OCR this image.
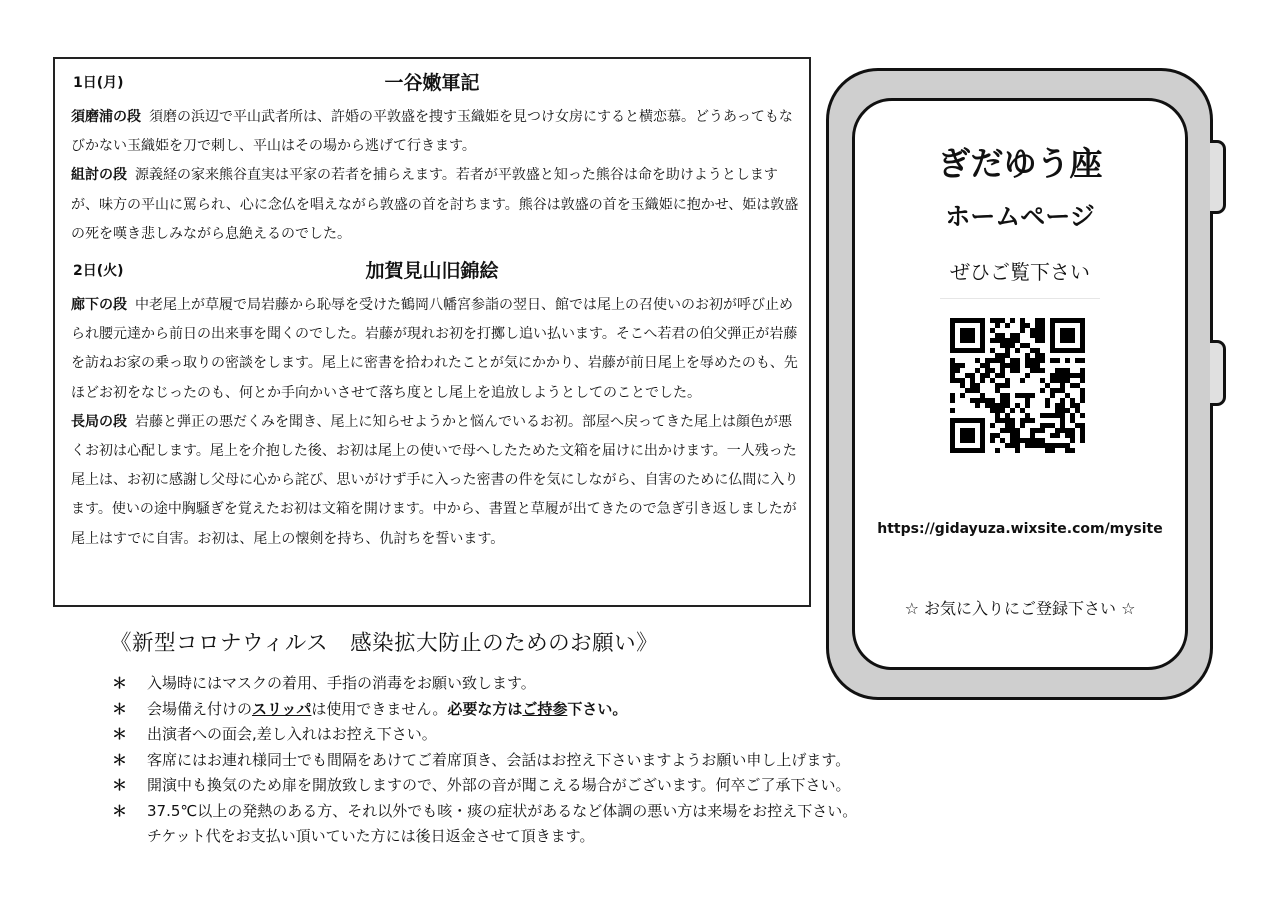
1日(月)	一谷嫩軍記
須磨浦の段 須磨の浜辺で平山武者所は、許婚の平敦盛を捜す玉織姫を見つけ女房にすると横恋慕。どうあってもなびかない玉織姫を刀で刺し、平山はその場から逃げて行きます。
組討の段 源義経の家来熊谷直実は平家の若者を捕らえます。若者が平敦盛と知った熊谷は命を助けようとしますが、味方の平山に罵られ、心に念仏を唱えながら敦盛の首を討ちます。熊谷は敦盛の首を玉織姫に抱かせ、姫は敦盛の死を嘆き悲しみながら息絶えるのでした。
2日(火)	加賀見山旧錦絵
廊下の段 中老尾上が草履で局岩藤から恥辱を受けた鶴岡八幡宮参詣の翌日、館では尾上の召使いのお初が呼び止められ腰元達から前日の出来事を聞くのでした。岩藤が現れお初を打擲し追い払います。そこへ若君の伯父弾正が岩藤を訪ねお家の乗っ取りの密談をします。尾上に密書を拾われたことが気にかかり、岩藤が前日尾上を辱めたのも、先ほどお初をなじったのも、何とか手向かいさせて落ち度とし尾上を追放しようとしてのことでした。
長局の段 岩藤と弾正の悪だくみを聞き、尾上に知らせようかと悩んでいるお初。部屋へ戻ってきた尾上は顔色が悪くお初は心配します。尾上を介抱した後、お初は尾上の使いで母へしたためた文箱を届けに出かけます。一人残った尾上は、お初に感謝し父母に心から詫び、思いがけず手に入った密書の件を気にしながら、自害のために仏間に入ります。使いの途中胸騒ぎを覚えたお初は文箱を開けます。中から、書置と草履が出てきたので急ぎ引き返しましたが尾上はすでに自害。お初は、尾上の懐剣を持ち、仇討ちを誓います。
《新型コロナウィルス　感染拡大防止のためのお願い》
＊ 入場時にはマスクの着用、手指の消毒をお願い致します。
＊ 会場備え付けのスリッパは使用できません。必要な方はご持参下さい。
＊ 出演者への面会,差し入れはお控え下さい。
＊ 客席にはお連れ様同士でも間隔をあけてご着席頂き、会話はお控え下さいますようお願い申し上げます。
＊ 開演中も換気のため扉を開放致しますので、外部の音が聞こえる場合がございます。何卒ご了承下さい。
＊ 37.5℃以上の発熱のある方、それ以外でも咳・痰の症状があるなど体調の悪い方は来場をお控え下さい。
チケット代をお支払い頂いていた方には後日返金させて頂きます。
ぎだゆう座
ホームページ
ぜひご覧下さい
https://gidayuza.wixsite.com/mysite
☆ お気に入りにご登録下さい ☆
